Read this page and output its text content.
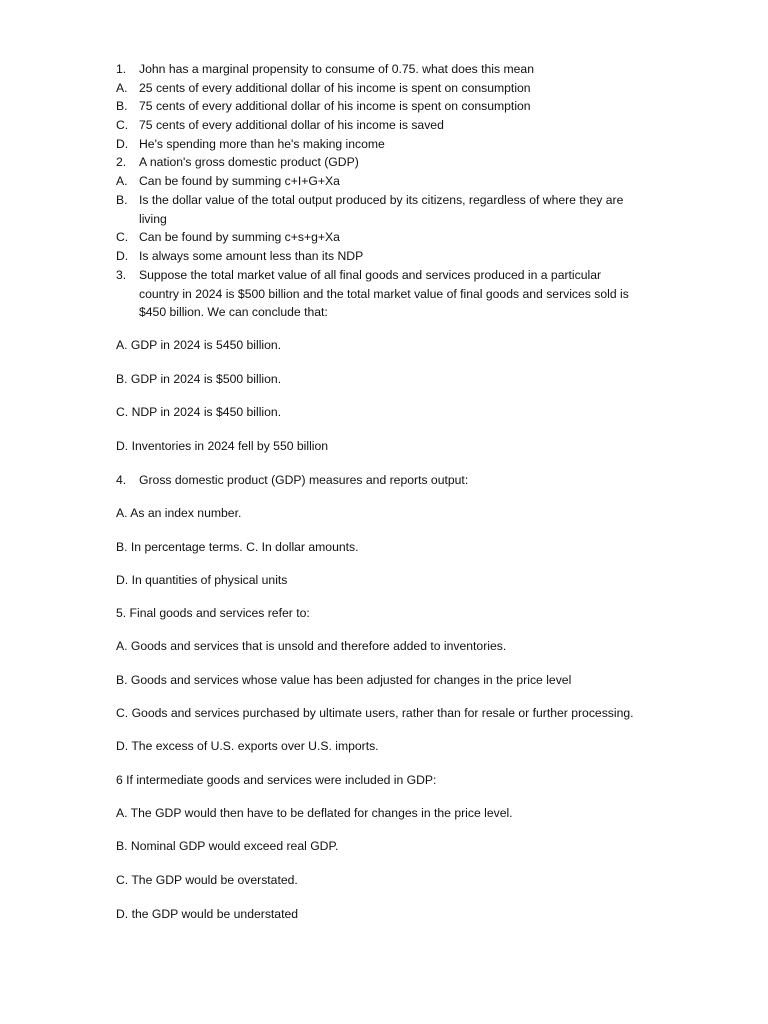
1.	John has a marginal propensity to consume of 0.75. what does this mean
A. 25 cents of every additional dollar of his income is spent on consumption
B. 75 cents of every additional dollar of his income is spent on consumption
C. 75 cents of every additional dollar of his income is saved
D. He's spending more than he's making income
2.	A nation's gross domestic product (GDP)
A. Can be found by summing c+I+G+Xa
B. Is the dollar value of the total output produced by its citizens, regardless of where they are
living
C. Can be found by summing c+s+g+Xa
D. Is always some amount less than its NDP
3.	Suppose the total market value of all final goods and services produced in a particular
country in 2024 is $500 billion and the total market value of final goods and services sold is
$450 billion. We can conclude that:
A. GDP in 2024 is 5450 billion.
B. GDP in 2024 is $500 billion.
C. NDP in 2024 is $450 billion.
D. Inventories in 2024 fell by 550 billion
4.	Gross domestic product (GDP) measures and reports output:
A. As an index number.
B. In percentage terms. C. In dollar amounts.
D. In quantities of physical units
5. Final goods and services refer to:
A. Goods and services that is unsold and therefore added to inventories.
B. Goods and services whose value has been adjusted for changes in the price level
C. Goods and services purchased by ultimate users, rather than for resale or further processing.
D. The excess of U.S. exports over U.S. imports.
6 If intermediate goods and services were included in GDP:
A. The GDP would then have to be deflated for changes in the price level.
B. Nominal GDP would exceed real GDP.
C. The GDP would be overstated.
D. the GDP would be understated
